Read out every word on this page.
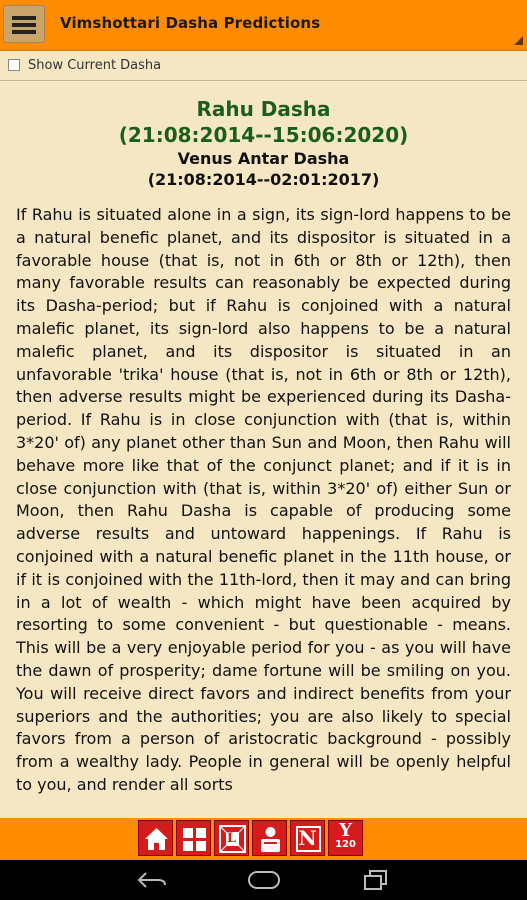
Vimshottari Dasha Predictions
Show Current Dasha
Rahu Dasha
(21:08:2014--15:06:2020)
Venus Antar Dasha
(21:08:2014--02:01:2017)
If Rahu is situated alone in a sign, its sign-lord happens to be a natural benefic planet, and its dispositor is situated in a favorable house (that is, not in 6th or 8th or 12th), then many favorable results can reasonably be expected during its Dasha-period; but if Rahu is conjoined with a natural malefic planet, its sign-lord also happens to be a natural malefic planet, and its dispositor is situated in an unfavorable 'trika' house (that is, not in 6th or 8th or 12th), then adverse results might be experienced during its Dasha-period. If Rahu is in close conjunction with (that is, within 3*20' of) any planet other than Sun and Moon, then Rahu will behave more like that of the conjunct planet; and if it is in close conjunction with (that is, within 3*20' of) either Sun or Moon, then Rahu Dasha is capable of producing some adverse results and untoward happenings. If Rahu is conjoined with a natural benefic planet in the 11th house, or if it is conjoined with the 11th-lord, then it may and can bring in a lot of wealth - which might have been acquired by resorting to some convenient - but questionable - means. This will be a very enjoyable period for you - as you will have the dawn of prosperity; dame fortune will be smiling on you. You will receive direct favors and indirect benefits from your superiors and the authorities; you are also likely to special favors from a person of aristocratic background - possibly from a wealthy lady. People in general will be openly helpful to you, and render all sorts
L	N Y
120
